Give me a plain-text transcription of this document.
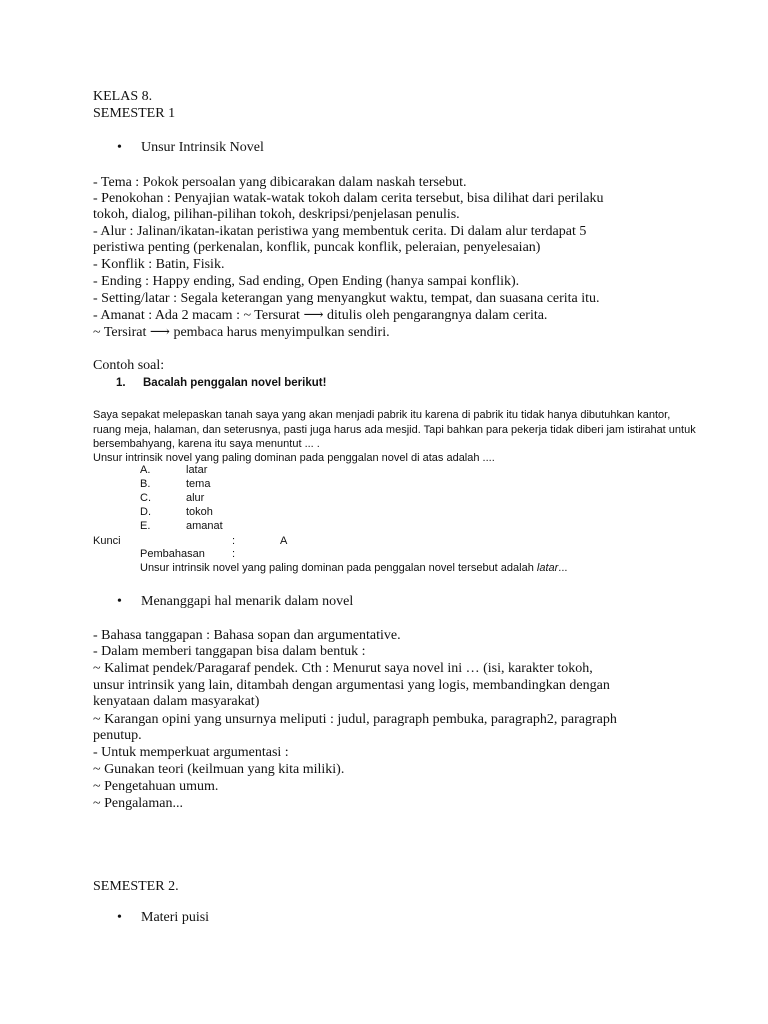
KELAS 8.
SEMESTER 1
• Unsur Intrinsik Novel
- Tema : Pokok persoalan yang dibicarakan dalam naskah tersebut.
- Penokohan : Penyajian watak-watak tokoh dalam cerita tersebut, bisa dilihat dari perilaku
tokoh, dialog, pilihan-pilihan tokoh, deskripsi/penjelasan penulis.
- Alur : Jalinan/ikatan-ikatan peristiwa yang membentuk cerita. Di dalam alur terdapat 5
peristiwa penting (perkenalan, konflik, puncak konflik, peleraian, penyelesaian)
- Konflik : Batin, Fisik.
- Ending : Happy ending, Sad ending, Open Ending (hanya sampai konflik).
- Setting/latar : Segala keterangan yang menyangkut waktu, tempat, dan suasana cerita itu.
- Amanat : Ada 2 macam : ~ Tersurat ⟶ ditulis oleh pengarangnya dalam cerita.
~ Tersirat ⟶ pembaca harus menyimpulkan sendiri.
Contoh soal:
1. Bacalah penggalan novel berikut!
Saya sepakat melepaskan tanah saya yang akan menjadi pabrik itu karena di pabrik itu tidak hanya dibutuhkan kantor,
ruang meja, halaman, dan seterusnya, pasti juga harus ada mesjid. Tapi bahkan para pekerja tidak diberi jam istirahat untuk
bersembahyang, karena itu saya menuntut ... .
Unsur intrinsik novel yang paling dominan pada penggalan novel di atas adalah ....
A.	latar
B.	tema
C.	alur
D.	tokoh
E.	amanat
Kunci	:	A
Pembahasan :
Unsur intrinsik novel yang paling dominan pada penggalan novel tersebut adalah latar...
• Menanggapi hal menarik dalam novel
- Bahasa tanggapan : Bahasa sopan dan argumentative.
- Dalam memberi tanggapan bisa dalam bentuk :
~ Kalimat pendek/Paragaraf pendek. Cth : Menurut saya novel ini … (isi, karakter tokoh,
unsur intrinsik yang lain, ditambah dengan argumentasi yang logis, membandingkan dengan
kenyataan dalam masyarakat)
~ Karangan opini yang unsurnya meliputi : judul, paragraph pembuka, paragraph2, paragraph
penutup.
- Untuk memperkuat argumentasi :
~ Gunakan teori (keilmuan yang kita miliki).
~ Pengetahuan umum.
~ Pengalaman...
SEMESTER 2.
• Materi puisi
